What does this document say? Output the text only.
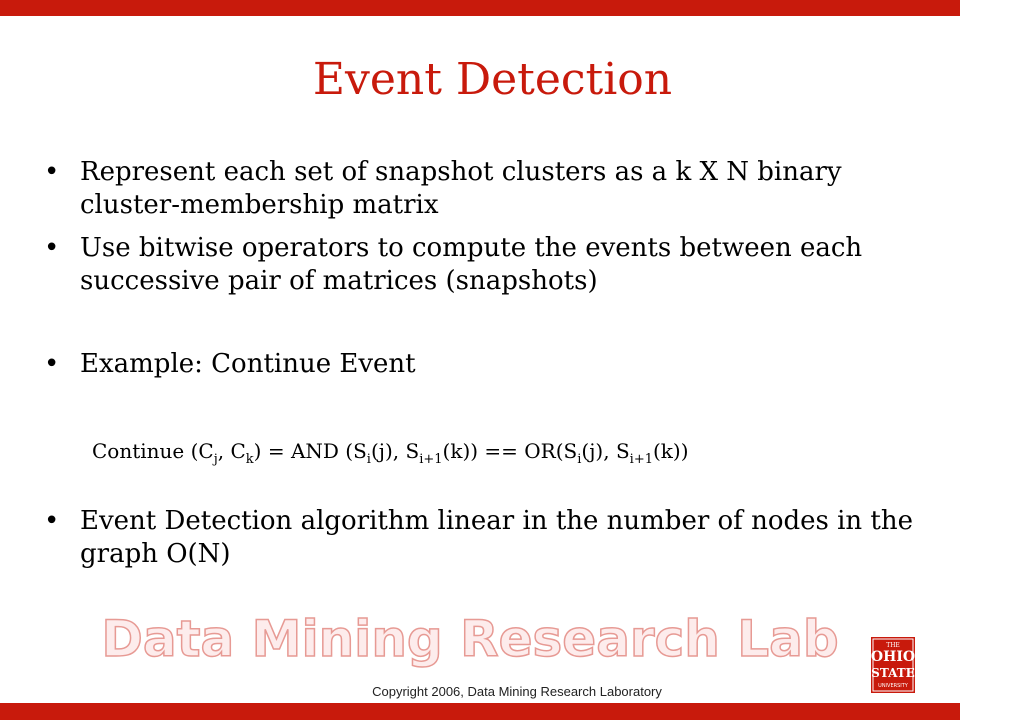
Event Detection
• Represent each set of snapshot clusters as a k X N binary cluster-membership matrix
• Use bitwise operators to compute the events between each successive pair of matrices (snapshots)
• Example: Continue Event
• Event Detection algorithm linear in the number of nodes in the graph O(N)
Continue ($C_j$, $C_k$) = AND ($S_i(j)$, $S_{i+1}(k)) == OR(S_i(j)$, $S_{i+1}(k)$)
Data Mining Research Lab
Copyright 2006, Data Mining Research Laboratory
THE
OHIO
STATE
UNIVERSITY
